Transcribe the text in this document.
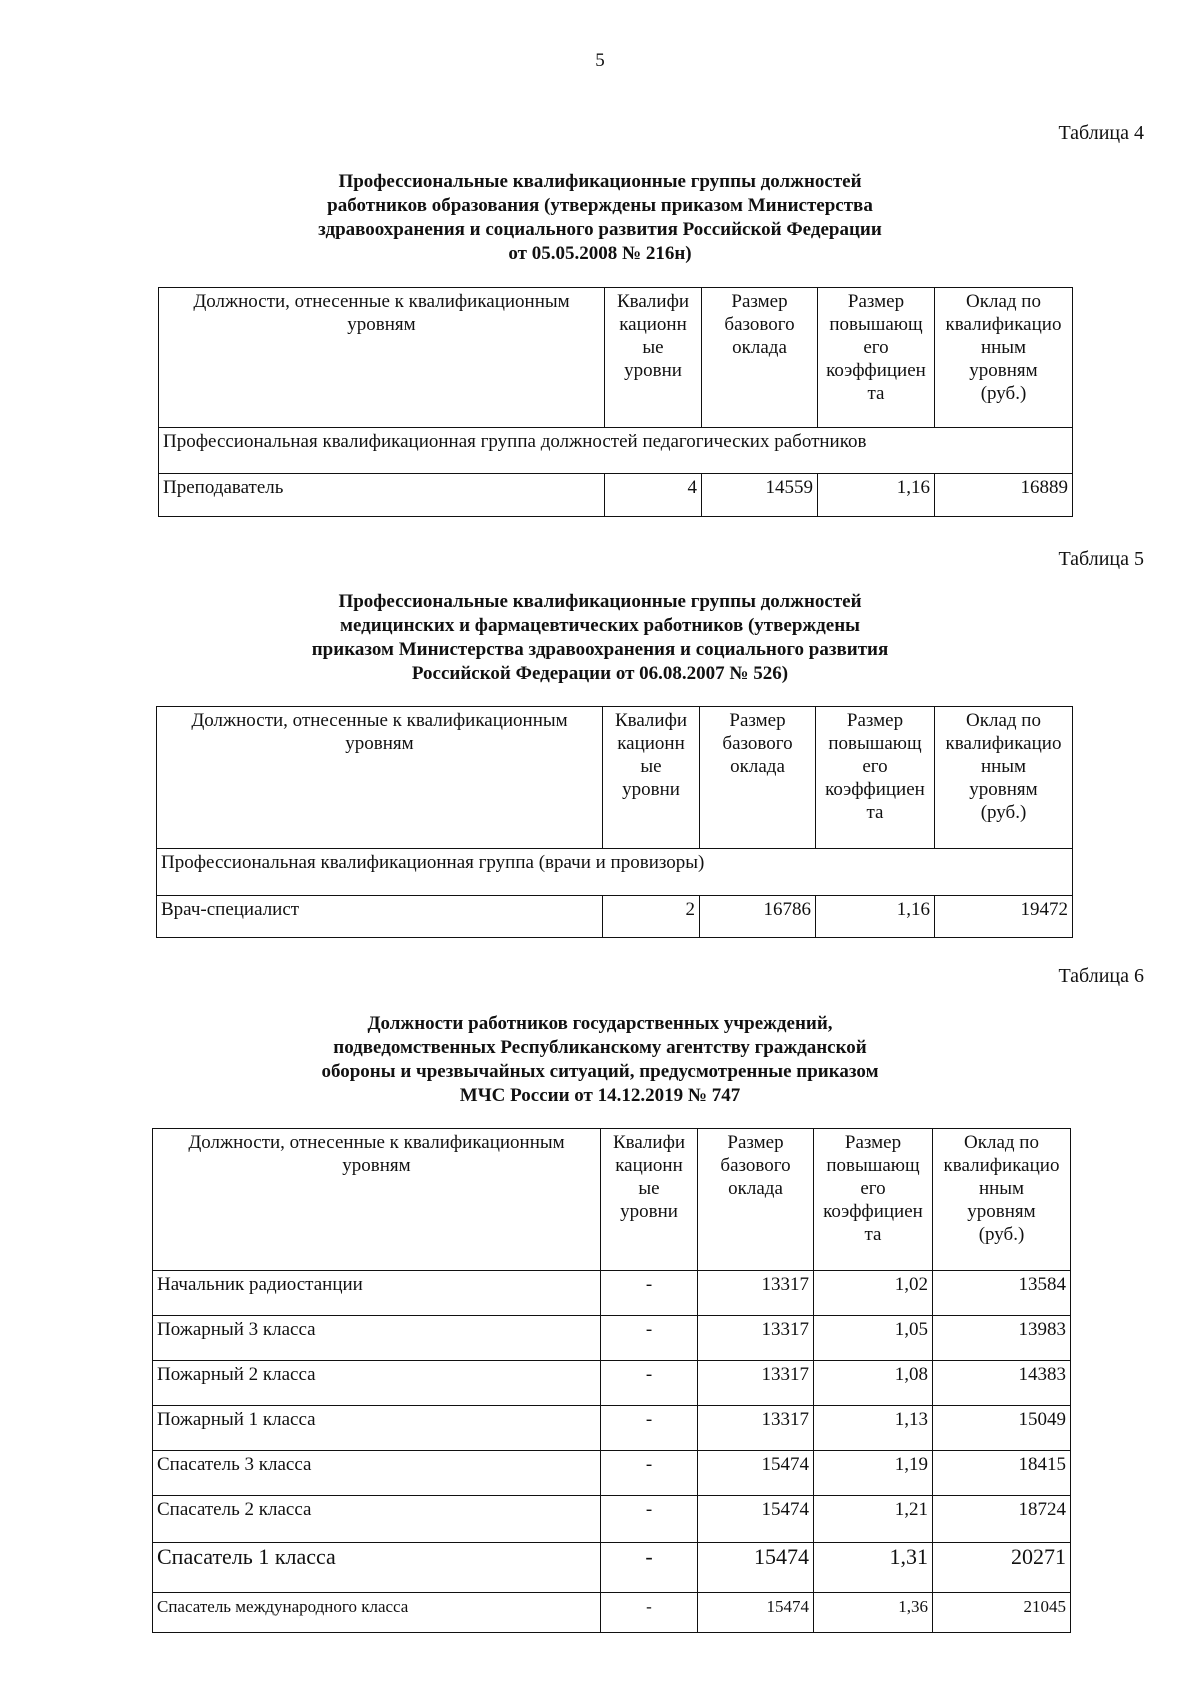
5
Таблица 4
Профессиональные квалификационные группы должностей
работников образования (утверждены приказом Министерства
здравоохранения и социального развития Российской Федерации
от 05.05.2008 № 216н)
Должности, отнесенные к квалификационным уровням	Квалифи
кационн
ые
уровни	Размер
базового
оклада	Размер
повышающ
его
коэффициен
та	Оклад по
квалификацио
нным
уровням
(руб.)

Профессиональная квалификационная группа должностей педагогических работников				
Преподаватель	4	14559	1,16	16889
Таблица 5
Профессиональные квалификационные группы должностей
медицинских и фармацевтических работников (утверждены
приказом Министерства здравоохранения и социального развития
Российской Федерации от 06.08.2007 № 526)
Должности, отнесенные к квалификационным уровням	Квалифи
кационн
ые
уровни	Размер
базового
оклада	Размер
повышающ
его
коэффициен
та	Оклад по
квалификацио
нным
уровням
(руб.)

Профессиональная квалификационная группа (врачи и провизоры)				
Врач-специалист	2	16786	1,16	19472
Таблица 6
Должности работников государственных учреждений,
подведомственных Республиканскому агентству гражданской
обороны и чрезвычайных ситуаций, предусмотренные приказом
МЧС России от 14.12.2019 № 747
Должности, отнесенные к квалификационным уровням	Квалифи
кационн
ые
уровни	Размер
базового
оклада	Размер
повышающ
его
коэффициен
та	Оклад по
квалификацио
нным
уровням
(руб.)

Начальник радиостанции	-	13317	1,02	13584
Пожарный 3 класса	-	13317	1,05	13983
Пожарный 2 класса	-	13317	1,08	14383
Пожарный 1 класса	-	13317	1,13	15049
Спасатель 3 класса	-	15474	1,19	18415
Спасатель 2 класса	-	15474	1,21	18724
Спасатель 1 класса	-	15474	1,31	20271
Спасатель международного класса	-	15474	1,36	21045
